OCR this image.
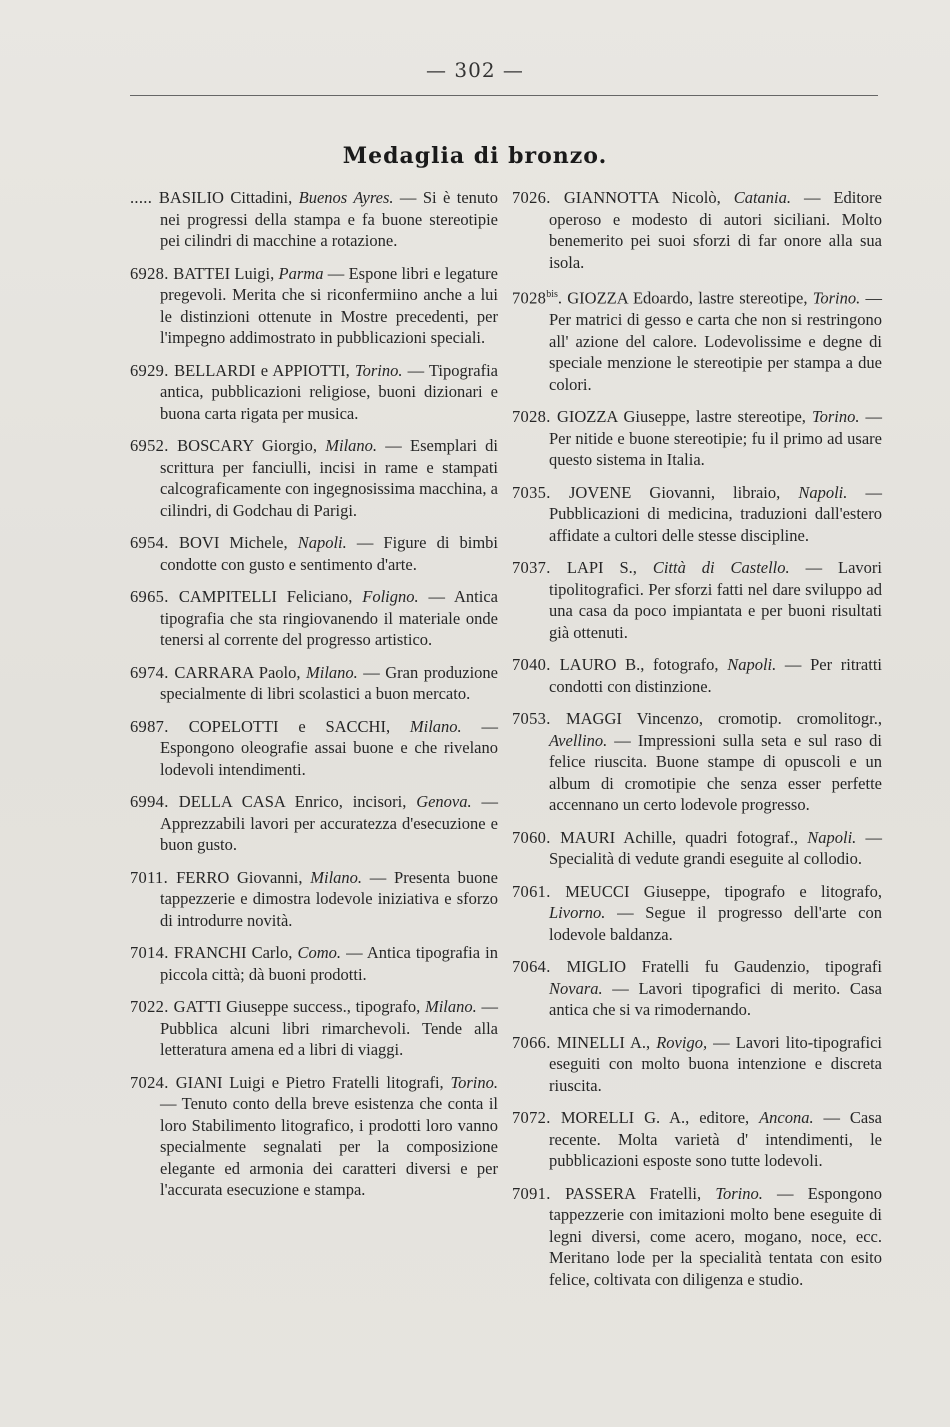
— 302 —
Medaglia di bronzo.

..... BASILIO Cittadini, Buenos Ayres. — Si è tenuto nei progressi della stampa e fa buone stereotipie pei cilindri di macchine a rotazione.

6928. BATTEI Luigi, Parma — Espone libri e legature pregevoli. Merita che si riconfermiino anche a lui le distinzioni ottenute in Mostre precedenti, per l'impegno addimostrato in pubblicazioni speciali.

6929. BELLARDI e APPIOTTI, Torino. — Tipografia antica, pubblicazioni religiose, buoni dizionari e buona carta rigata per musica.

6952. BOSCARY Giorgio, Milano. — Esemplari di scrittura per fanciulli, incisi in rame e stampati calcograficamente con ingegnosissima macchina, a cilindri, di Godchau di Parigi.

6954. BOVI Michele, Napoli. — Figure di bimbi condotte con gusto e sentimento d'arte.

6965. CAMPITELLI Feliciano, Foligno. — Antica tipografia che sta ringiovanendo il materiale onde tenersi al corrente del progresso artistico.

6974. CARRARA Paolo, Milano. — Gran produzione specialmente di libri scolastici a buon mercato.

6987. COPELOTTI e SACCHI, Milano. — Espongono oleografie assai buone e che rivelano lodevoli intendimenti.

6994. DELLA CASA Enrico, incisori, Genova. — Apprezzabili lavori per accuratezza d'esecuzione e buon gusto.

7011. FERRO Giovanni, Milano. — Presenta buone tappezzerie e dimostra lodevole iniziativa e sforzo di introdurre novità.

7014. FRANCHI Carlo, Como. — Antica tipografia in piccola città; dà buoni prodotti.

7022. GATTI Giuseppe success., tipografo, Milano. — Pubblica alcuni libri rimarchevoli. Tende alla letteratura amena ed a libri di viaggi.

7024. GIANI Luigi e Pietro Fratelli litografi, Torino. — Tenuto conto della breve esistenza che conta il loro Stabilimento litografico, i prodotti loro vanno specialmente segnalati per la composizione elegante ed armonia dei caratteri diversi e per l'accurata esecuzione e stampa.

7026. GIANNOTTA Nicolò, Catania. — Editore operoso e modesto di autori siciliani. Molto benemerito pei suoi sforzi di far onore alla sua isola.

$7028^{bis}$. GIOZZA Edoardo, lastre stereotipe, Torino. — Per matrici di gesso e carta che non si restringono all' azione del calore. Lodevolissime e degne di speciale menzione le stereotipie per stampa a due colori.

7028. GIOZZA Giuseppe, lastre stereotipe, Torino. — Per nitide e buone stereotipie; fu il primo ad usare questo sistema in Italia.

7035. JOVENE Giovanni, libraio, Napoli. — Pubblicazioni di medicina, traduzioni dall'estero affidate a cultori delle stesse discipline.

7037. LAPI S., Città di Castello. — Lavori tipolitografici. Per sforzi fatti nel dare sviluppo ad una casa da poco impiantata e per buoni risultati già ottenuti.

7040. LAURO B., fotografo, Napoli. — Per ritratti condotti con distinzione.

7053. MAGGI Vincenzo, cromotip. cromolitogr., Avellino. — Impressioni sulla seta e sul raso di felice riuscita. Buone stampe di opuscoli e un album di cromotipie che senza esser perfette accennano un certo lodevole progresso.

7060. MAURI Achille, quadri fotograf., Napoli. — Specialità di vedute grandi eseguite al collodio.

7061. MEUCCI Giuseppe, tipografo e litografo, Livorno. — Segue il progresso dell'arte con lodevole baldanza.

7064. MIGLIO Fratelli fu Gaudenzio, tipografi Novara. — Lavori tipografici di merito. Casa antica che si va rimodernando.

7066. MINELLI A., Rovigo, — Lavori lito-tipografici eseguiti con molto buona intenzione e discreta riuscita.

7072. MORELLI G. A., editore, Ancona. — Casa recente. Molta varietà d' intendimenti, le pubblicazioni esposte sono tutte lodevoli.

7091. PASSERA Fratelli, Torino. — Espongono tappezzerie con imitazioni molto bene eseguite di legni diversi, come acero, mogano, noce, ecc. Meritano lode per la specialità tentata con esito felice, coltivata con diligenza e studio.
